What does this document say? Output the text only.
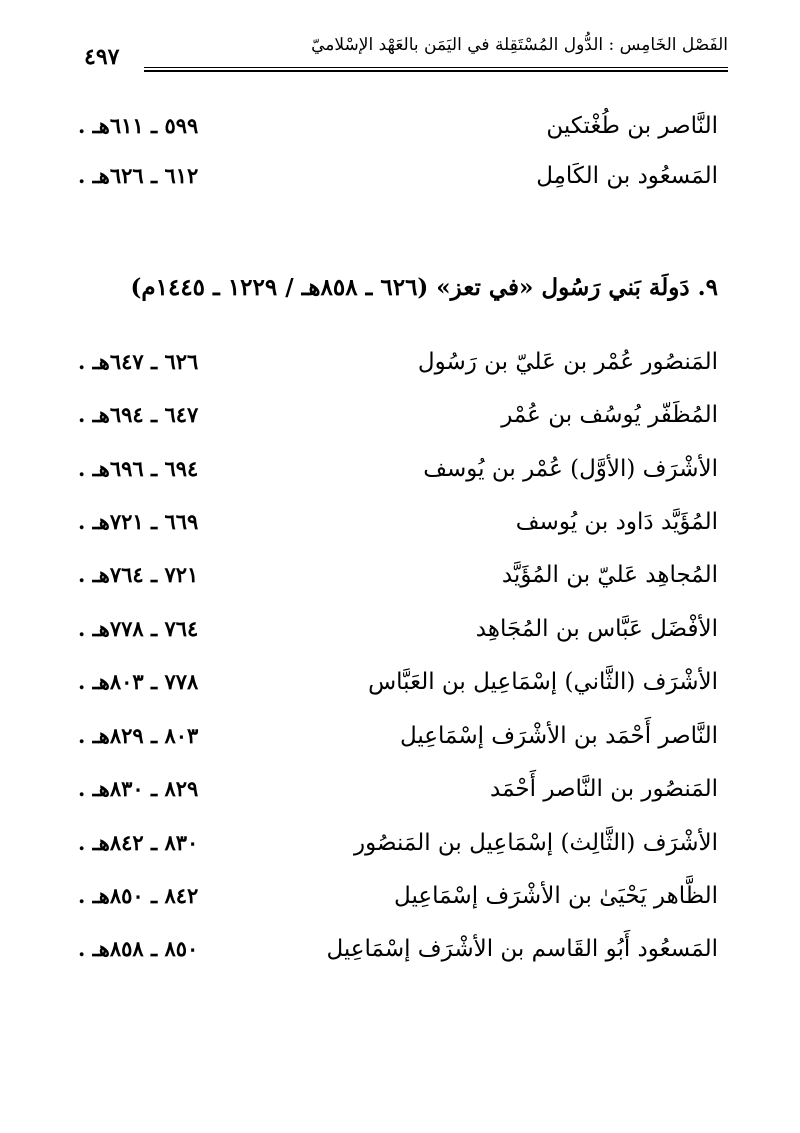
٤٩٧	الفَصْل الخَامِس : الدُّول المُسْتَقِلة في اليَمَن بالعَهْد الإسْلاميّ
النَّاصر بن طُغْتكين
٥٩٩ ـ ٦١١هـ .
المَسعُود بن الكَامِل
٦١٢ ـ ٦٢٦هـ .
٩. دَولَة بَني رَسُول «في تعز» (٦٢٦ ـ ٨٥٨هـ / ١٢٢٩ ـ ١٤٤٥م)
المَنصُور عُمْر بن عَليّ بن رَسُول
٦٢٦ ـ ٦٤٧هـ .
المُظَفّر يُوسُف بن عُمْر
٦٤٧ ـ ٦٩٤هـ .
الأشْرَف (الأوَّل) عُمْر بن يُوسف
٦٩٤ ـ ٦٩٦هـ .
المُؤَيَّد دَاود بن يُوسف
٦٦٩ ـ ٧٢١هـ .
المُجاهِد عَليّ بن المُؤَيَّد
٧٢١ ـ ٧٦٤هـ .
الأفْضَل عَبَّاس بن المُجَاهِد
٧٦٤ ـ ٧٧٨هـ .
الأشْرَف (الثَّاني) إسْمَاعِيل بن العَبَّاس
٧٧٨ ـ ٨٠٣هـ .
النَّاصر أَحْمَد بن الأشْرَف إسْمَاعِيل
٨٠٣ ـ ٨٢٩هـ .
المَنصُور بن النَّاصر أَحْمَد
٨٢٩ ـ ٨٣٠هـ .
الأشْرَف (الثَّالِث) إسْمَاعِيل بن المَنصُور
٨٣٠ ـ ٨٤٢هـ .
الظَّاهر يَحْيَىٰ بن الأشْرَف إسْمَاعِيل
٨٤٢ ـ ٨٥٠هـ .
المَسعُود أَبُو القَاسم بن الأشْرَف إسْمَاعِيل
٨٥٠ ـ ٨٥٨هـ .
